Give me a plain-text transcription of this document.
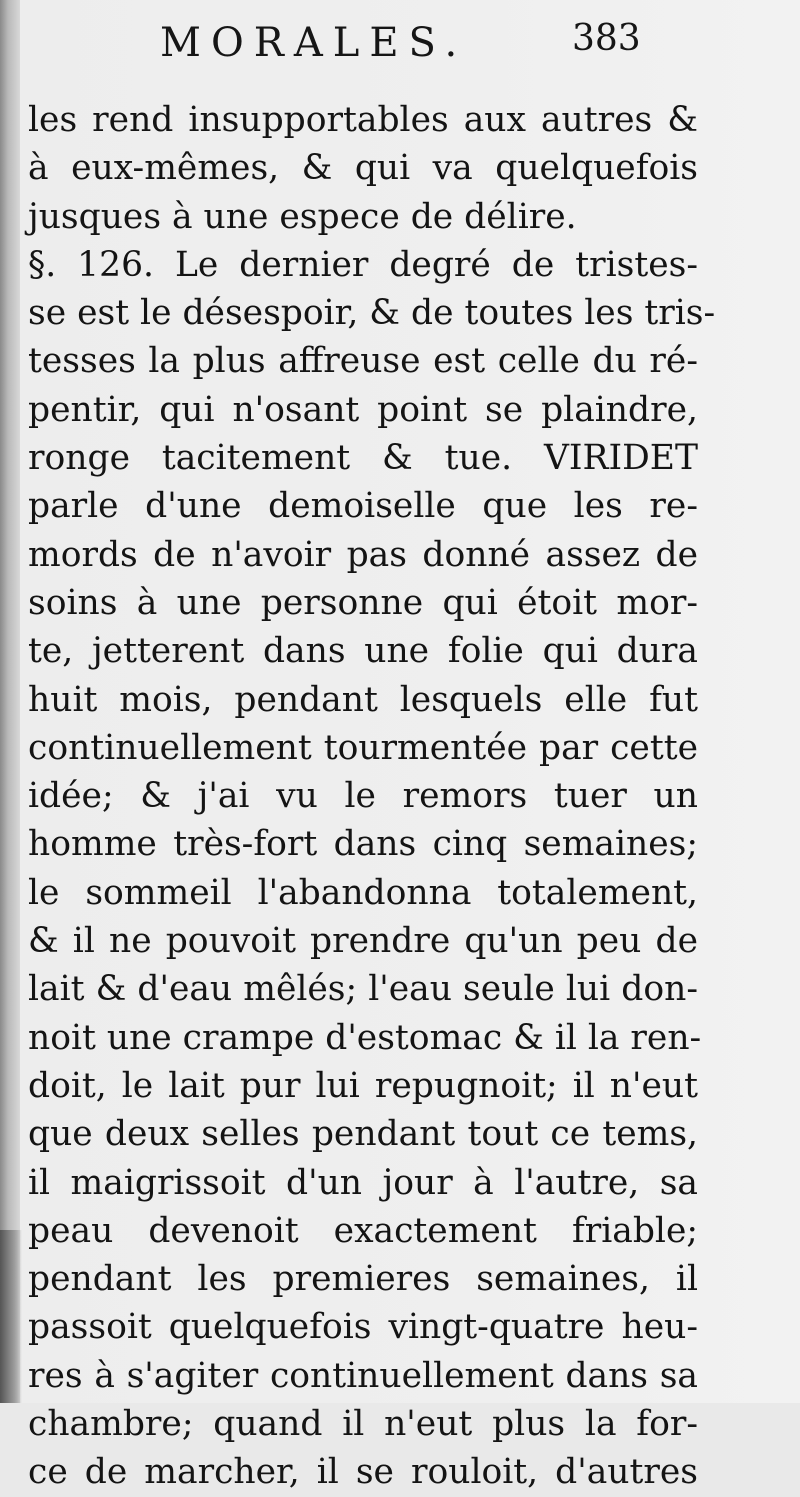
MORALES.	383
les rend insupportables aux autres &
à eux-mêmes, & qui va quelquefois
jusques à une espece de délire.
§. 126. Le dernier degré de tristes-
se est le désespoir, & de toutes les tris-
tesses la plus affreuse est celle du ré-
pentir, qui n'osant point se plaindre,
ronge tacitement & tue. VIRIDET
parle d'une demoiselle que les re-
mords de n'avoir pas donné assez de
soins à une personne qui étoit mor-
te, jetterent dans une folie qui dura
huit mois, pendant lesquels elle fut
continuellement tourmentée par cette
idée; & j'ai vu le remors tuer un
homme très-fort dans cinq semaines;
le sommeil l'abandonna totalement,
& il ne pouvoit prendre qu'un peu de
lait & d'eau mêlés; l'eau seule lui don-
noit une crampe d'estomac & il la ren-
doit, le lait pur lui repugnoit; il n'eut
que deux selles pendant tout ce tems,
il maigrissoit d'un jour à l'autre, sa
peau devenoit exactement friable;
pendant les premieres semaines, il
passoit quelquefois vingt-quatre heu-
res à s'agiter continuellement dans sa
chambre; quand il n'eut plus la for-
ce de marcher, il se rouloit, d'autres
